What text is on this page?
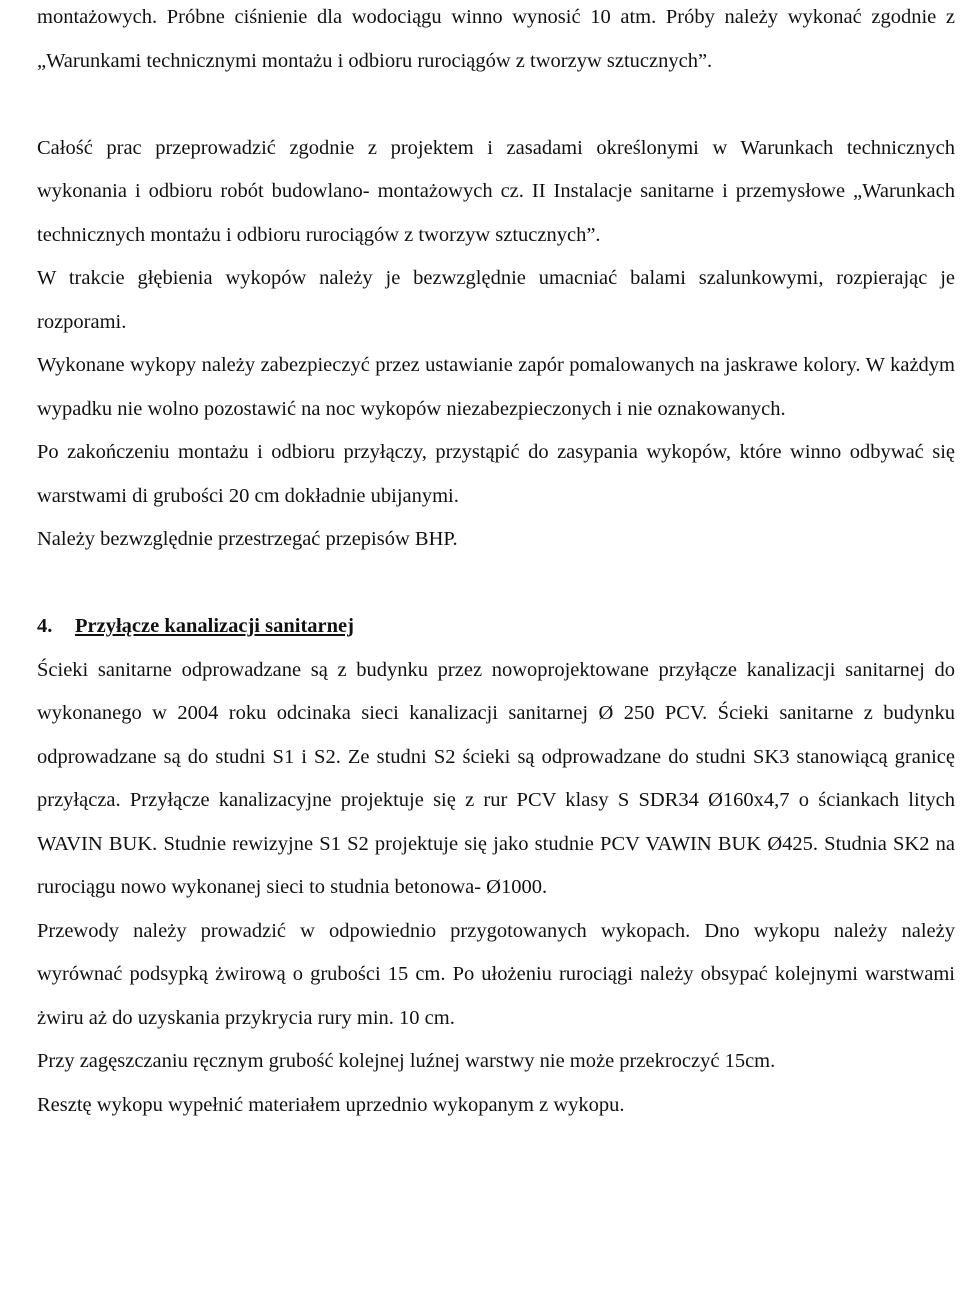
montażowych. Próbne ciśnienie dla wodociągu winno wynosić 10 atm. Próby należy wykonać zgodnie z „Warunkami technicznymi montażu i odbioru rurociągów z tworzyw sztucznych”.

Całość prac przeprowadzić zgodnie z projektem i zasadami określonymi w Warunkach technicznych wykonania i odbioru robót budowlano- montażowych cz. II Instalacje sanitarne i przemysłowe „Warunkach technicznych montażu i odbioru rurociągów z tworzyw sztucznych”.

W trakcie głębienia wykopów należy je bezwzględnie umacniać balami szalunkowymi, rozpierając je rozporami.

Wykonane wykopy należy zabezpieczyć przez ustawianie zapór pomalowanych na jaskrawe kolory. W każdym wypadku nie wolno pozostawić na noc wykopów niezabezpieczonych i nie oznakowanych.

Po zakończeniu montażu i odbioru przyłączy, przystąpić do zasypania wykopów, które winno odbywać się warstwami di grubości 20 cm dokładnie ubijanymi.

Należy bezwzględnie przestrzegać przepisów BHP.

4.	Przyłącze kanalizacji sanitarnej

Ścieki sanitarne odprowadzane są z budynku przez nowoprojektowane przyłącze kanalizacji sanitarnej do wykonanego w 2004 roku odcinaka sieci kanalizacji sanitarnej Ø 250 PCV. Ścieki sanitarne z budynku odprowadzane są do studni S1 i S2. Ze studni S2 ścieki są odprowadzane do studni SK3 stanowiącą granicę przyłącza. Przyłącze kanalizacyjne projektuje się z rur PCV klasy S SDR34 Ø160x4,7 o ściankach litych WAVIN BUK. Studnie rewizyjne S1 S2 projektuje się jako studnie PCV VAWIN BUK Ø425. Studnia SK2 na rurociągu nowo wykonanej sieci to studnia betonowa- Ø1000.

Przewody należy prowadzić w odpowiednio przygotowanych wykopach. Dno wykopu należy należy wyrównać podsypką żwirową o grubości 15 cm. Po ułożeniu rurociągi należy obsypać kolejnymi warstwami żwiru aż do uzyskania przykrycia rury min. 10 cm.

Przy zagęszczaniu ręcznym grubość kolejnej luźnej warstwy nie może przekroczyć 15cm.

Resztę wykopu wypełnić materiałem uprzednio wykopanym z wykopu.
